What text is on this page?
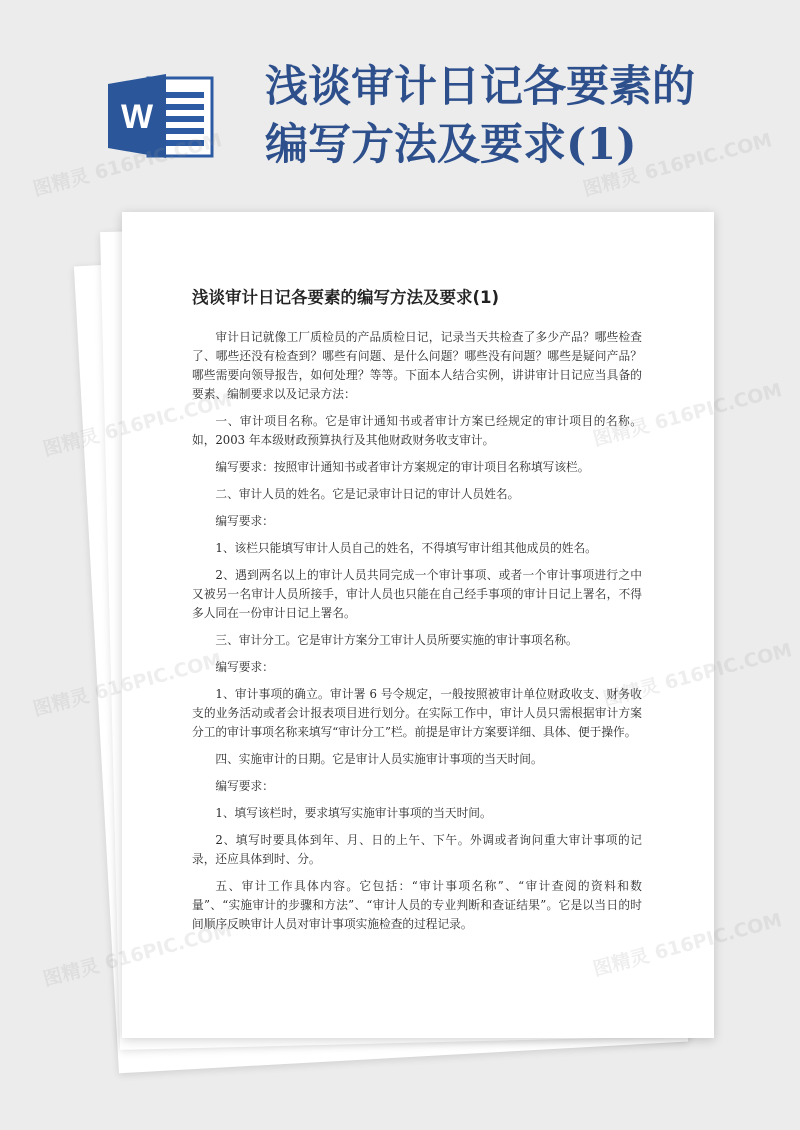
W
浅谈审计日记各要素的
编写方法及要求(1)
浅谈审计日记各要素的编写方法及要求(1)

审计日记就像工厂质检员的产品质检日记，记录当天共检查了多少产品？哪些检查了、哪些还没有检查到？哪些有问题、是什么问题？哪些没有问题？哪些是疑问产品？哪些需要向领导报告，如何处理？等等。下面本人结合实例，讲讲审计日记应当具备的要素、编制要求以及记录方法：

一、审计项目名称。它是审计通知书或者审计方案已经规定的审计项目的名称。如，2003 年本级财政预算执行及其他财政财务收支审计。

编写要求：按照审计通知书或者审计方案规定的审计项目名称填写该栏。

二、审计人员的姓名。它是记录审计日记的审计人员姓名。

编写要求：

1、该栏只能填写审计人员自己的姓名，不得填写审计组其他成员的姓名。

2、遇到两名以上的审计人员共同完成一个审计事项、或者一个审计事项进行之中又被另一名审计人员所接手，审计人员也只能在自己经手事项的审计日记上署名，不得多人同在一份审计日记上署名。

三、审计分工。它是审计方案分工审计人员所要实施的审计事项名称。

编写要求：

1、审计事项的确立。审计署 6 号令规定，一般按照被审计单位财政收支、财务收支的业务活动或者会计报表项目进行划分。在实际工作中，审计人员只需根据审计方案分工的审计事项名称来填写“审计分工”栏。前提是审计方案要详细、具体、便于操作。

四、实施审计的日期。它是审计人员实施审计事项的当天时间。

编写要求：

1、填写该栏时，要求填写实施审计事项的当天时间。

2、填写时要具体到年、月、日的上午、下午。外调或者询问重大审计事项的记录，还应具体到时、分。

五、审计工作具体内容。它包括：“审计事项名称”、“审计查阅的资料和数量”、“实施审计的步骤和方法”、“审计人员的专业判断和查证结果”。它是以当日的时间顺序反映审计人员对审计事项实施检查的过程记录。

图精灵 616PIC.COM	图精灵 616PIC.COM
图精灵
616PIC.COM
图精灵
616PIC.COM
图精灵
616PIC.COM
